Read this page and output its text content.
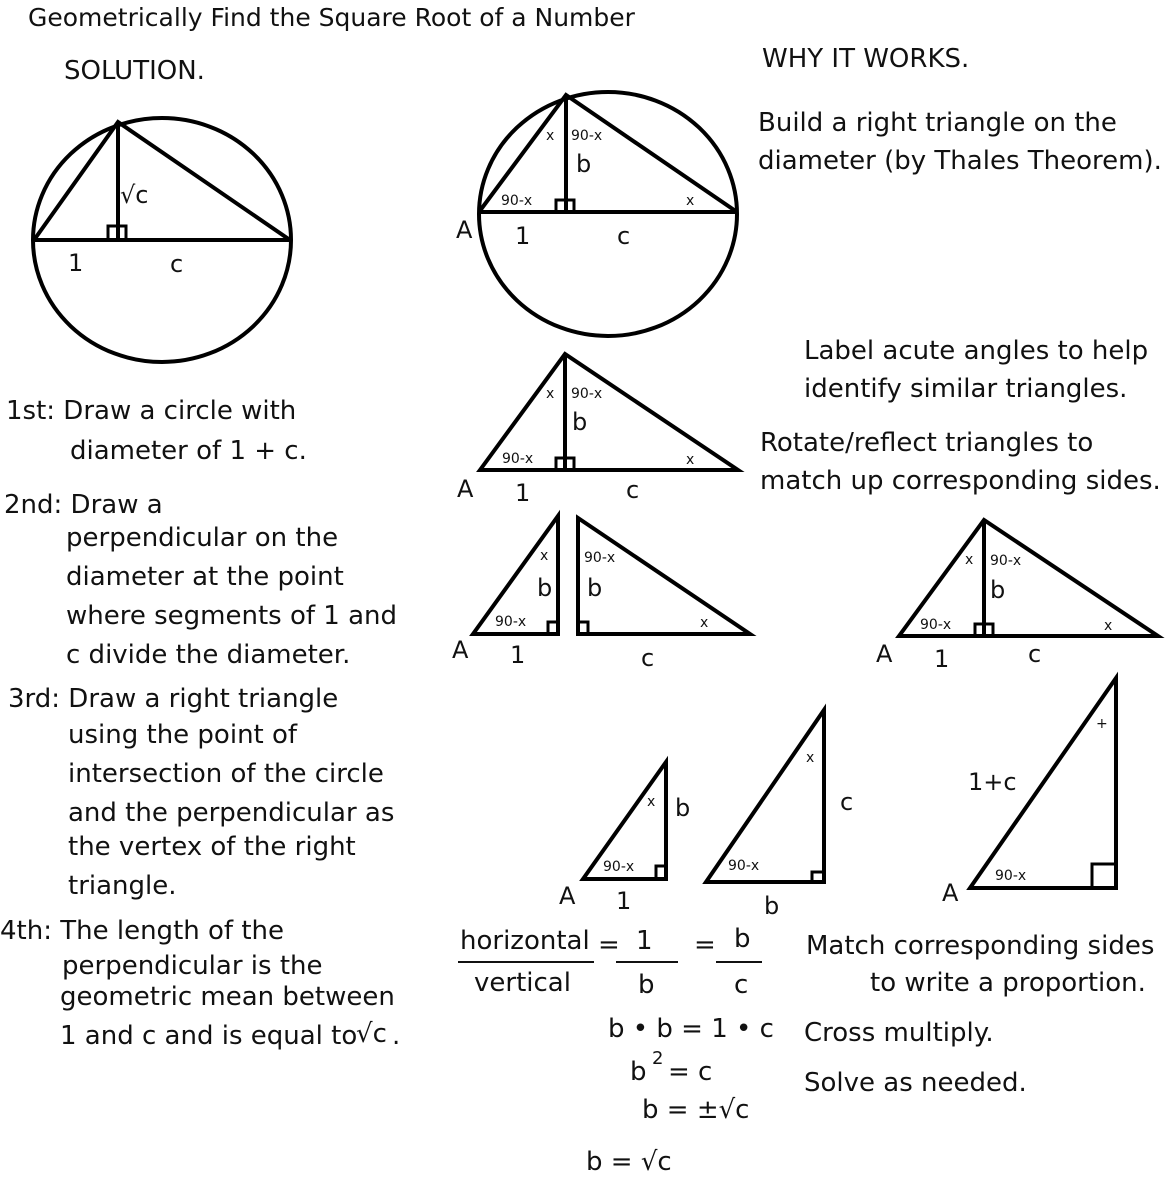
Geometrically Find the Square Root of a Number
SOLUTION.	WHY IT WORKS.
Build a right triangle on the
diameter (by Thales Theorem).
Label acute angles to help
identify similar triangles.
Rotate/reflect triangles to
match up corresponding sides.
1st: Draw a circle with
diameter of 1 + c.
2nd: Draw a
perpendicular on the
diameter at the point
where segments of 1 and
c divide the diameter.
3rd: Draw a right triangle
using the point of
intersection of the circle
and the perpendicular as
the vertex of the right
triangle.
4th: The length of the
perpendicular is the
geometric mean between
1 and c and is equal to
√c .
horizontal
vertical
= 1
b
= b
c
Match corresponding sides
to write a proportion.
Cross multiply.
Solve as needed.
b • b = 1 • c
b 2 = c
b = ±√c
b = √c
√c
1	c
x 90-x
b
90-x	x
A 1	c
x 90-x
b
90-x	x
A 1	c
x
b
90-x
A 1
90-x
b
x
c
x 90-x
b
90-x	x
A 1	c
x b
90-x
A 1
x
c
90-x
b
+
1+c
90-x
A
